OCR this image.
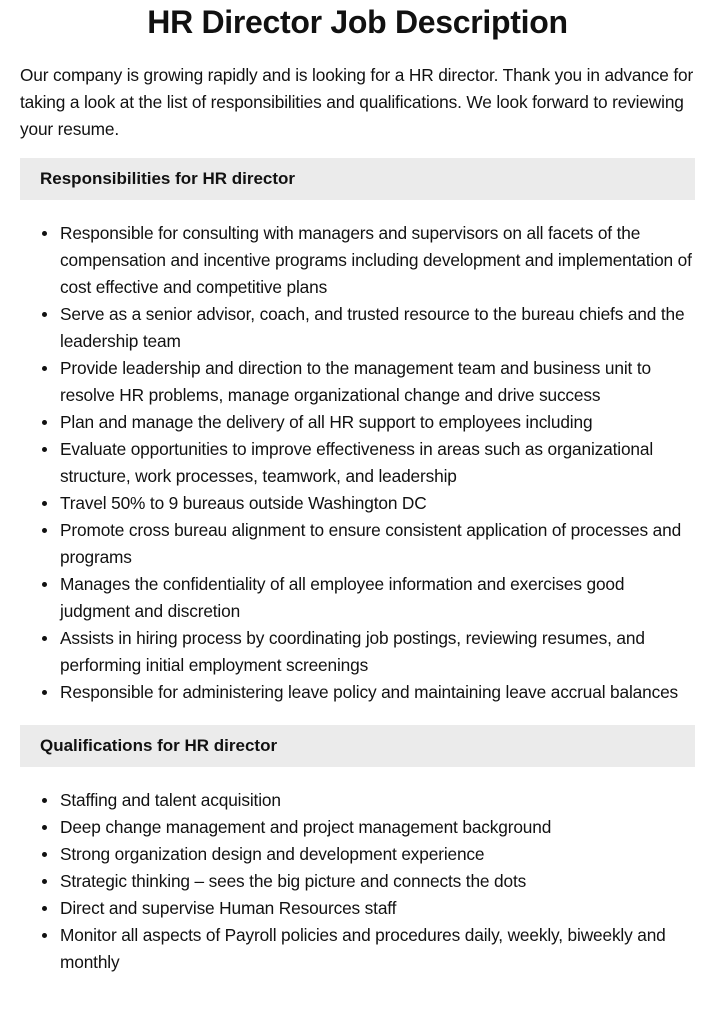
HR Director Job Description

Our company is growing rapidly and is looking for a HR director. Thank you in advance for taking a look at the list of responsibilities and qualifications. We look forward to reviewing your resume.

Responsibilities for HR director
Responsible for consulting with managers and supervisors on all facets of the compensation and incentive programs including development and implementation of cost effective and competitive plans
Serve as a senior advisor, coach, and trusted resource to the bureau chiefs and the leadership team
Provide leadership and direction to the management team and business unit to resolve HR problems, manage organizational change and drive success
Plan and manage the delivery of all HR support to employees including
Evaluate opportunities to improve effectiveness in areas such as organizational structure, work processes, teamwork, and leadership
Travel 50% to 9 bureaus outside Washington DC
Promote cross bureau alignment to ensure consistent application of processes and programs
Manages the confidentiality of all employee information and exercises good judgment and discretion
Assists in hiring process by coordinating job postings, reviewing resumes, and performing initial employment screenings
Responsible for administering leave policy and maintaining leave accrual balances
Qualifications for HR director
Staffing and talent acquisition
Deep change management and project management background
Strong organization design and development experience
Strategic thinking – sees the big picture and connects the dots
Direct and supervise Human Resources staff
Monitor all aspects of Payroll policies and procedures daily, weekly, biweekly and monthly
